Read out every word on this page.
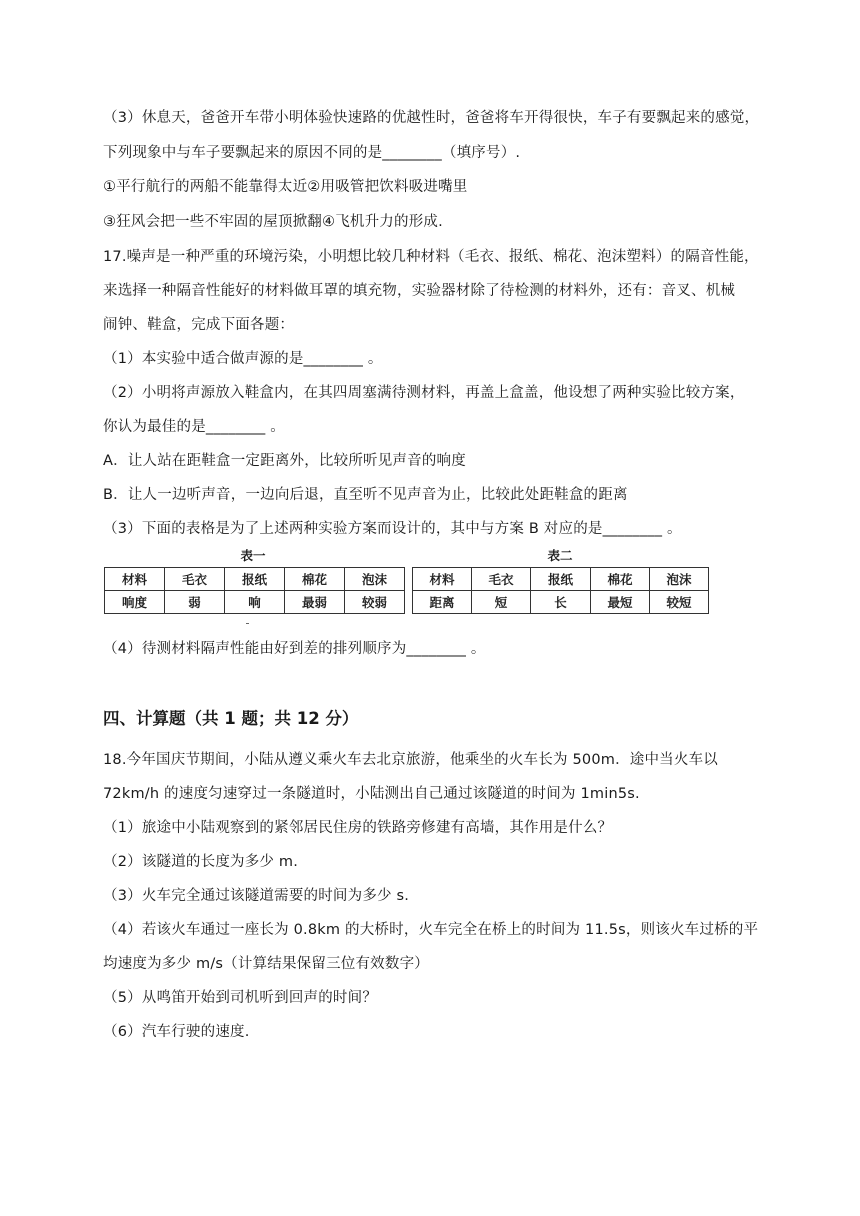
（3）休息天，爸爸开车带小明体验快速路的优越性时，爸爸将车开得很快，车子有要飘起来的感觉，
下列现象中与车子要飘起来的原因不同的是________（填序号）.
①平行航行的两船不能靠得太近②用吸管把饮料吸进嘴里
③狂风会把一些不牢固的屋顶掀翻④飞机升力的形成.
17.噪声是一种严重的环境污染，小明想比较几种材料（毛衣、报纸、棉花、泡沫塑料）的隔音性能，
来选择一种隔音性能好的材料做耳罩的填充物，实验器材除了待检测的材料外，还有：音叉、机械
闹钟、鞋盒，完成下面各题：
（1）本实验中适合做声源的是________ 。
（2）小明将声源放入鞋盒内，在其四周塞满待测材料，再盖上盒盖，他设想了两种实验比较方案，
你认为最佳的是________ 。
A．让人站在距鞋盒一定距离外，比较所听见声音的响度
B．让人一边听声音，一边向后退，直至听不见声音为止，比较此处距鞋盒的距离
（3）下面的表格是为了上述两种实验方案而设计的，其中与方案 B 对应的是________ 。
表一
材料	毛衣	报纸	棉花	泡沫
响度	弱	响	最弱	较弱
表二
材料	毛衣	报纸	棉花	泡沫
距离	短	长	最短	较短
（4）待测材料隔声性能由好到差的排列顺序为________ 。
四、计算题（共 1 题；共 12 分）
18.今年国庆节期间，小陆从遵义乘火车去北京旅游，他乘坐的火车长为 500m．途中当火车以
72km/h 的速度匀速穿过一条隧道时，小陆测出自己通过该隧道的时间为 1min5s.
（1）旅途中小陆观察到的紧邻居民住房的铁路旁修建有高墙，其作用是什么？
（2）该隧道的长度为多少 m.
（3）火车完全通过该隧道需要的时间为多少 s.
（4）若该火车通过一座长为 0.8km 的大桥时，火车完全在桥上的时间为 11.5s，则该火车过桥的平
均速度为多少 m/s（计算结果保留三位有效数字）
（5）从鸣笛开始到司机听到回声的时间？
（6）汽车行驶的速度.
